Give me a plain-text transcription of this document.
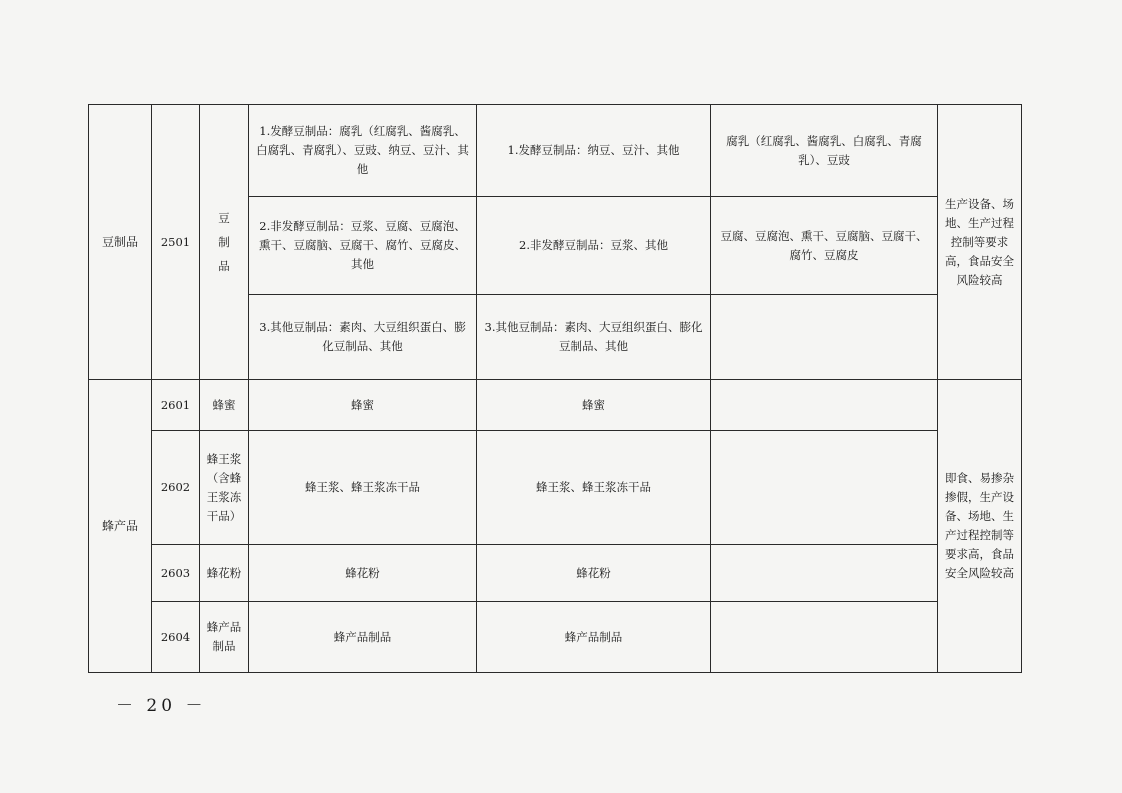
豆制品	2501	豆制品	1.发酵豆制品：腐乳（红腐乳、酱腐乳、白腐乳、青腐乳）、豆豉、纳豆、豆汁、其他	1.发酵豆制品：纳豆、豆汁、其他	腐乳（红腐乳、酱腐乳、白腐乳、青腐乳）、豆豉	生产设备、场地、生产过程控制等要求高，食品安全风险较高
			2.非发酵豆制品：豆浆、豆腐、豆腐泡、熏干、豆腐脑、豆腐干、腐竹、豆腐皮、其他	2.非发酵豆制品：豆浆、其他	豆腐、豆腐泡、熏干、豆腐脑、豆腐干、腐竹、豆腐皮	
			3.其他豆制品：素肉、大豆组织蛋白、膨化豆制品、其他	3.其他豆制品：素肉、大豆组织蛋白、膨化豆制品、其他		
蜂产品	2601	蜂蜜	蜂蜜	蜂蜜		即食、易掺杂掺假，生产设备、场地、生产过程控制等要求高，食品安全风险较高
	2602	蜂王浆（含蜂王浆冻干品）	蜂王浆、蜂王浆冻干品	蜂王浆、蜂王浆冻干品		
	2603	蜂花粉	蜂花粉	蜂花粉		
	2604	蜂产品制品	蜂产品制品	蜂产品制品		
－ 20 －
